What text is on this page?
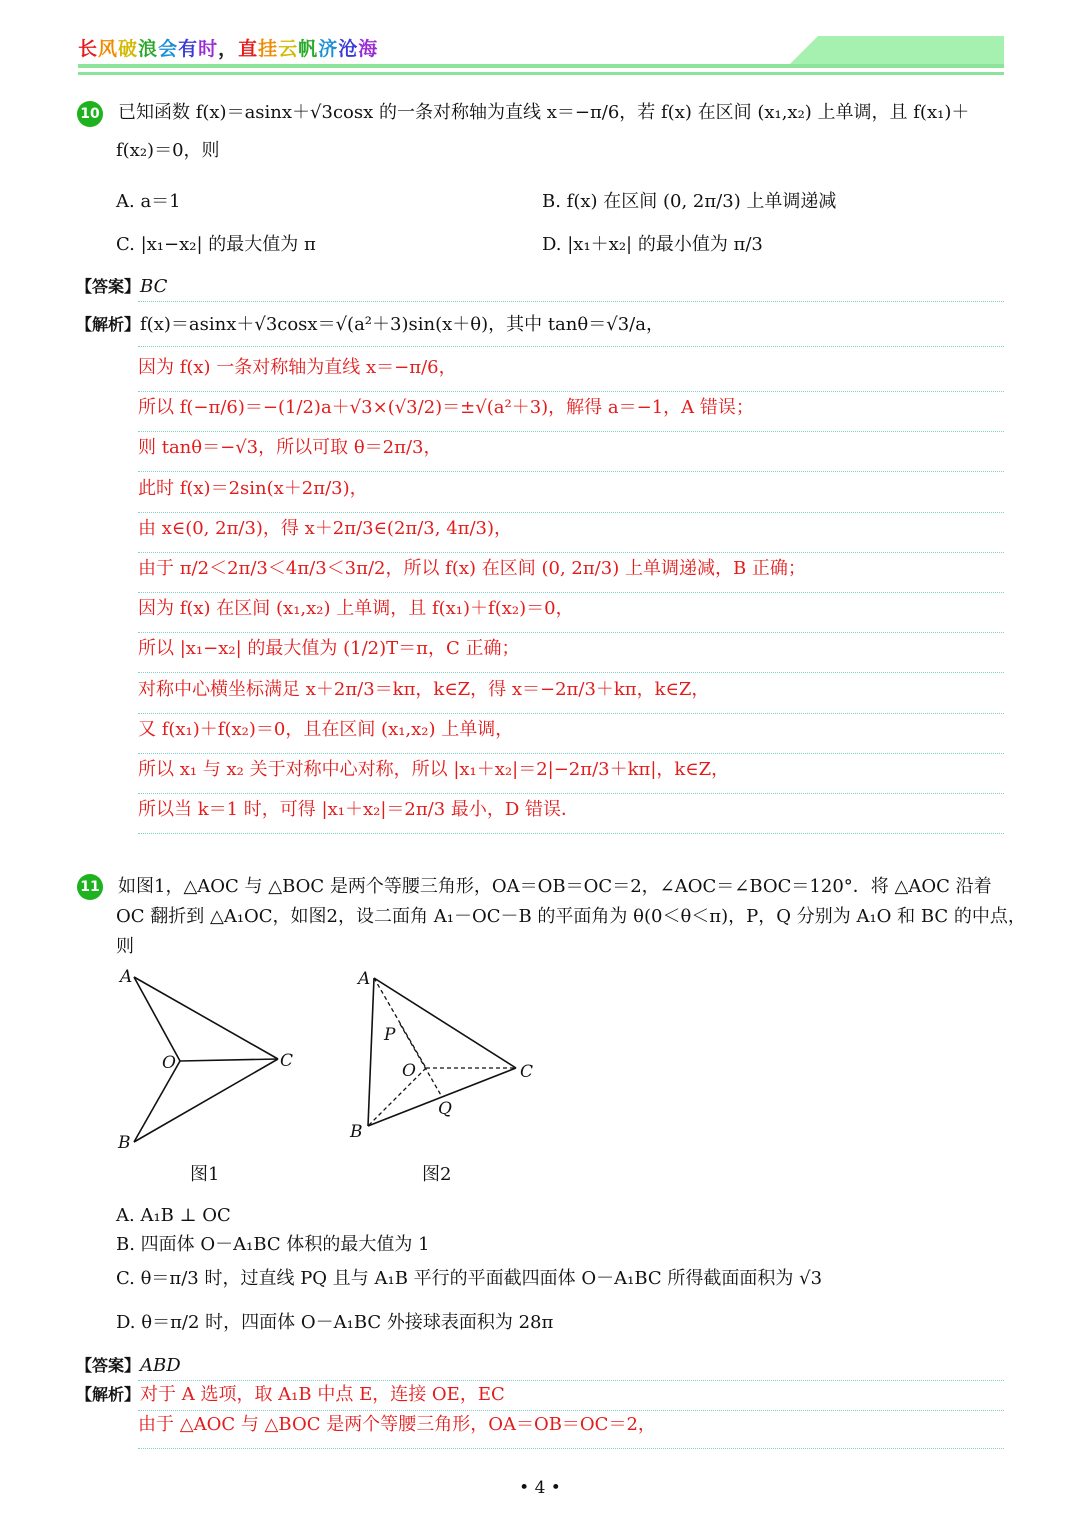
长风破浪会有时，直挂云帆济沧海
10 已知函数 f(x)＝asinx＋√3cosx 的一条对称轴为直线 x＝−π/6，若 f(x) 在区间 (x₁,x₂) 上单调，且 f(x₁)＋
f(x₂)＝0，则
A. a＝1	B. f(x) 在区间 (0, 2π/3) 上单调递减
C. |x₁−x₂| 的最大值为 π	D. |x₁＋x₂| 的最小值为 π/3
【答案】BC
【解析】f(x)＝asinx＋√3cosx＝√(a²＋3)sin(x＋θ)，其中 tanθ＝√3/a，
因为 f(x) 一条对称轴为直线 x＝−π/6，
所以 f(−π/6)＝−(1/2)a＋√3×(√3/2)＝±√(a²＋3)，解得 a＝−1，A 错误；
则 tanθ＝−√3，所以可取 θ＝2π/3，
此时 f(x)＝2sin(x＋2π/3)，
由 x∈(0, 2π/3)，得 x＋2π/3∈(2π/3, 4π/3)，
由于 π/2＜2π/3＜4π/3＜3π/2，所以 f(x) 在区间 (0, 2π/3) 上单调递减，B 正确；
因为 f(x) 在区间 (x₁,x₂) 上单调，且 f(x₁)＋f(x₂)＝0，
所以 |x₁−x₂| 的最大值为 (1/2)T＝π，C 正确；
对称中心横坐标满足 x＋2π/3＝kπ，k∈Z，得 x＝−2π/3＋kπ，k∈Z，
又 f(x₁)＋f(x₂)＝0，且在区间 (x₁,x₂) 上单调，
所以 x₁ 与 x₂ 关于对称中心对称，所以 |x₁＋x₂|＝2|−2π/3＋kπ|，k∈Z，
所以当 k＝1 时，可得 |x₁＋x₂|＝2π/3 最小，D 错误．
11 如图1，△AOC 与 △BOC 是两个等腰三角形，OA＝OB＝OC＝2，∠AOC＝∠BOC＝120°．将 △AOC 沿着
OC 翻折到 △A₁OC，如图2，设二面角 A₁－OC－B 的平面角为 θ(0＜θ＜π)，P，Q 分别为 A₁O 和 BC 的中点，
则
A
O	C
B
图1
A
P
O	C
Q
B
图2
A. A₁B ⊥ OC
B. 四面体 O－A₁BC 体积的最大值为 1
C. θ＝π/3 时，过直线 PQ 且与 A₁B 平行的平面截四面体 O－A₁BC 所得截面面积为 √3
D. θ＝π/2 时，四面体 O－A₁BC 外接球表面积为 28π
【答案】ABD
【解析】对于 A 选项，取 A₁B 中点 E，连接 OE，EC
由于 △AOC 与 △BOC 是两个等腰三角形，OA＝OB＝OC＝2，
• 4 •
